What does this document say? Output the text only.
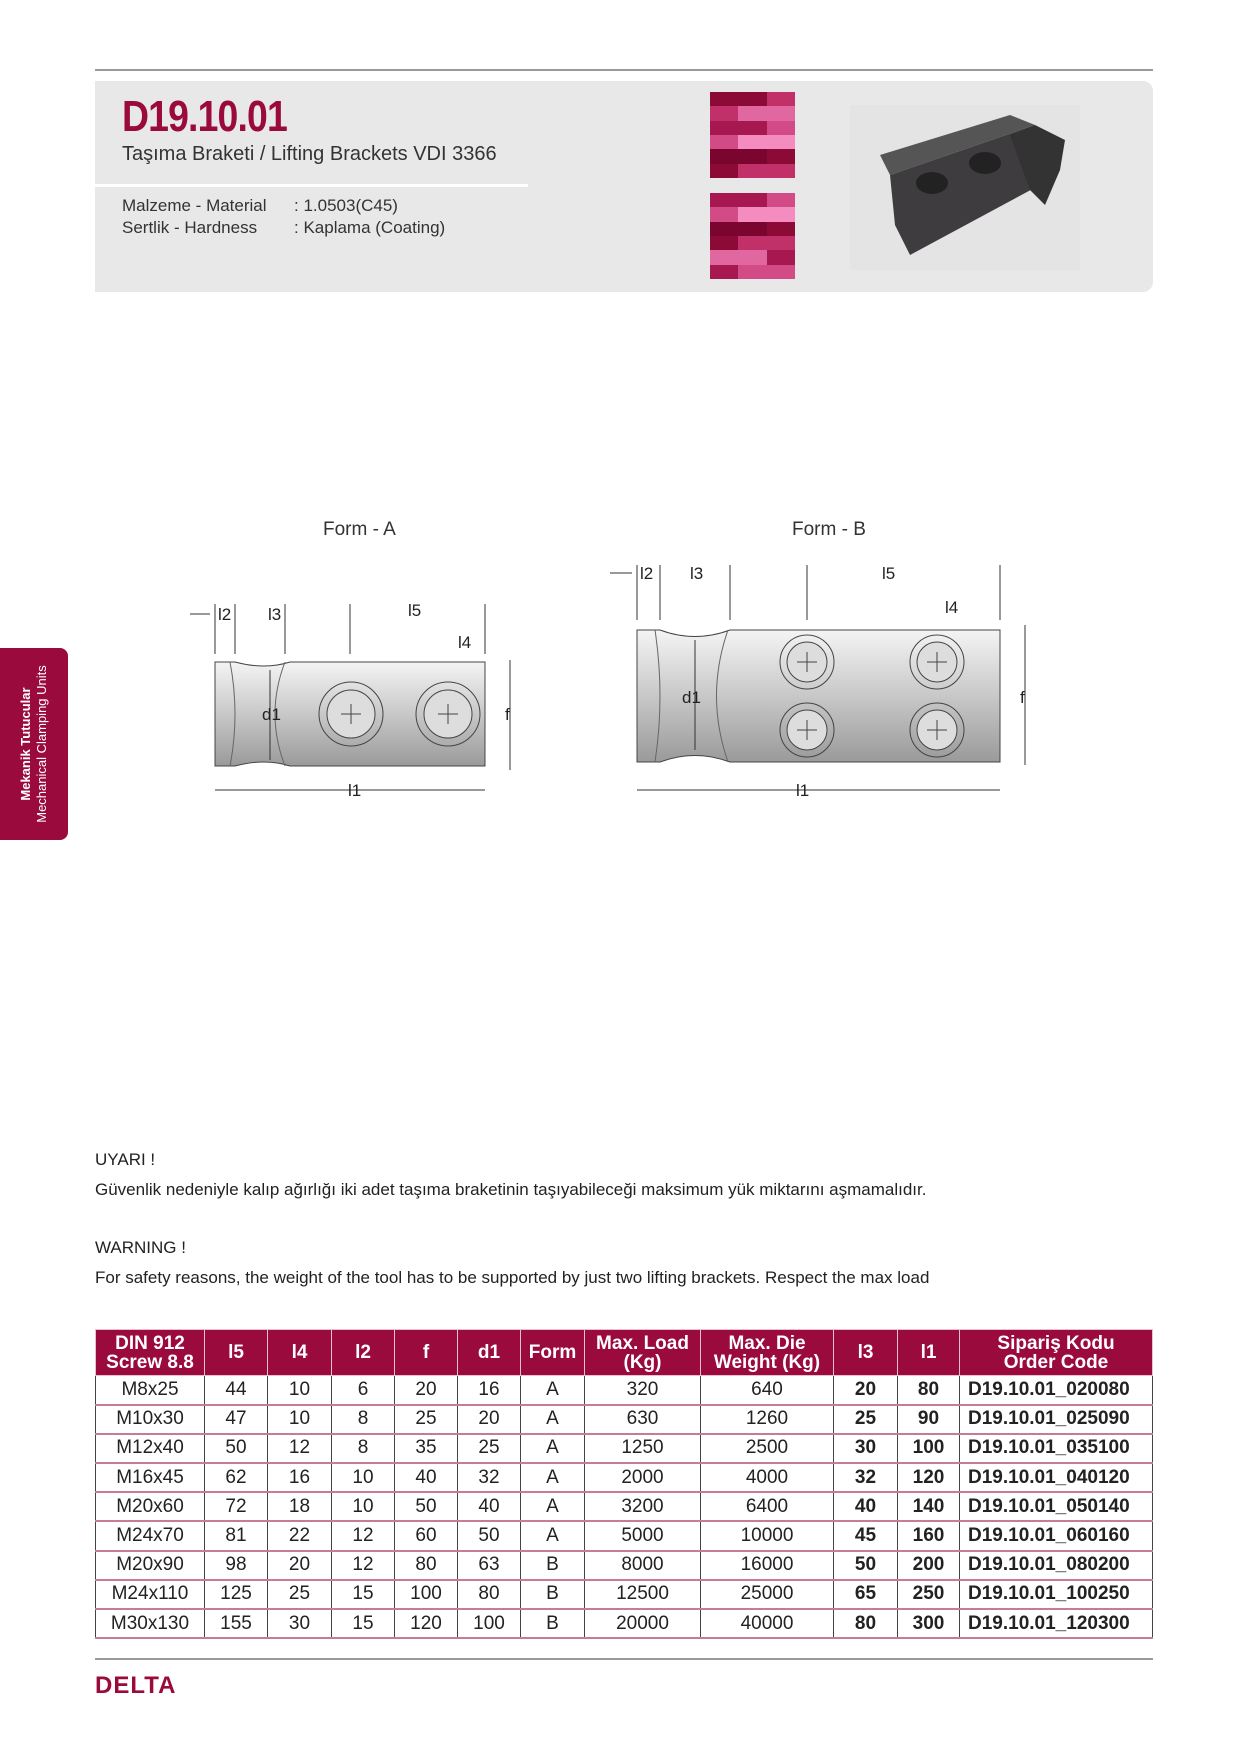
D19.10.01
Taşıma Braketi / Lifting Brackets VDI 3366
Malzeme - Material : 1.0503(C45)
Sertlik - Hardness : Kaplama (Coating)
Mekanik Tutucular
Mechanical Clamping Units
Form - A	Form - B
l2 l3	l5
l4
d1	f
l1
l2 l3	l5
l4
d1	f
l1
UYARI !
Güvenlik nedeniyle kalıp ağırlığı iki adet taşıma braketinin taşıyabileceği maksimum yük miktarını aşmamalıdır.
WARNING !
For safety reasons, the weight of the tool has to be supported by just two lifting brackets. Respect the max load
DIN 912
Screw 8.8	l5	l4	l2	f	d1	Form	Max. Load
(Kg)	Max. Die
Weight (Kg)	l3	l1	Sipariş Kodu
Order Code
M8x25	44	10	6	20	16	A	320	640	20	80	D19.10.01_020080
M10x30	47	10	8	25	20	A	630	1260	25	90	D19.10.01_025090
M12x40	50	12	8	35	25	A	1250	2500	30	100	D19.10.01_035100
M16x45	62	16	10	40	32	A	2000	4000	32	120	D19.10.01_040120
M20x60	72	18	10	50	40	A	3200	6400	40	140	D19.10.01_050140
M24x70	81	22	12	60	50	A	5000	10000	45	160	D19.10.01_060160
M20x90	98	20	12	80	63	B	8000	16000	50	200	D19.10.01_080200
M24x110	125	25	15	100	80	B	12500	25000	65	250	D19.10.01_100250
M30x130	155	30	15	120	100	B	20000	40000	80	300	D19.10.01_120300
DELTA
